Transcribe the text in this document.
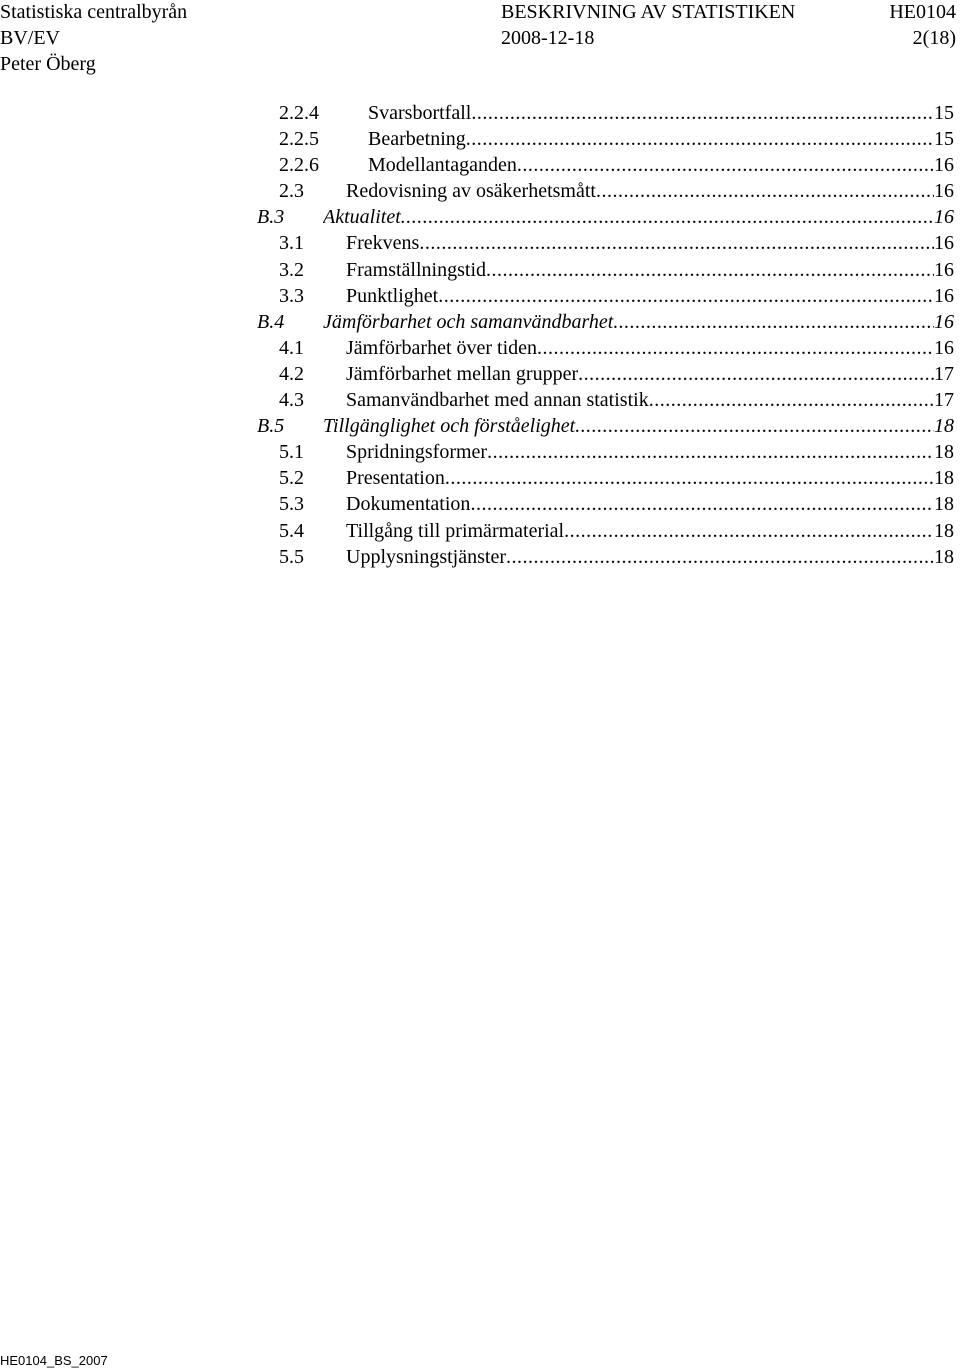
Statistiska centralbyrån	BESKRIVNING AV STATISTIKEN	HE0104
BV/EV	2008-12-18	2(18)
Peter Öberg
2.2.4 Svarsbortfall .....	15
2.2.5 Bearbetning .....	15
2.2.6 Modellantaganden .....	16
2.3 Redovisning av osäkerhetsmått .....	16
B.3 Aktualitet .....	16
3.1 Frekvens .....	16
3.2 Framställningstid .....	16
3.3 Punktlighet .....	16
B.4 Jämförbarhet och samanvändbarhet .....	16
4.1 Jämförbarhet över tiden .....	16
4.2 Jämförbarhet mellan grupper .....	17
4.3 Samanvändbarhet med annan statistik .....	17
B.5 Tillgänglighet och förståelighet .....	18
5.1 Spridningsformer .....	18
5.2 Presentation .....	18
5.3 Dokumentation .....	18
5.4 Tillgång till primärmaterial .....	18
5.5 Upplysningstjänster .....	18
HE0104_BS_2007
